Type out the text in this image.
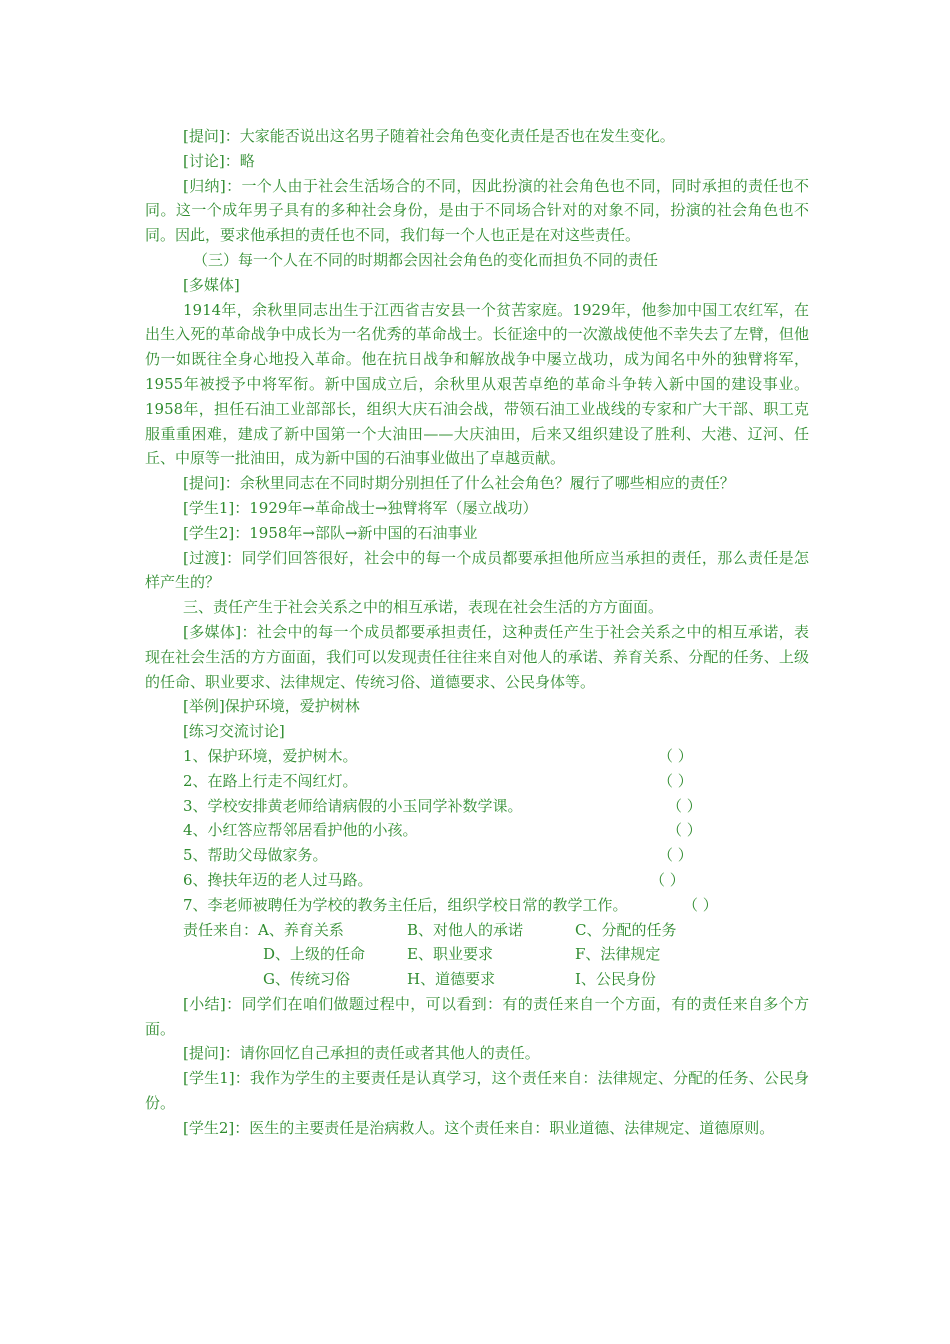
[提问]：大家能否说出这名男子随着社会角色变化责任是否也在发生变化。

[讨论]：略

[归纳]：一个人由于社会生活场合的不同，因此扮演的社会角色也不同，同时承担的责任也不同。这一个成年男子具有的多种社会身份，是由于不同场合针对的对象不同，扮演的社会角色也不同。因此，要求他承担的责任也不同，我们每一个人也正是在对这些责任。

（三）每一个人在不同的时期都会因社会角色的变化而担负不同的责任

[多媒体]

1914年，余秋里同志出生于江西省吉安县一个贫苦家庭。1929年，他参加中国工农红军，在出生入死的革命战争中成长为一名优秀的革命战士。长征途中的一次激战使他不幸失去了左臂，但他仍一如既往全身心地投入革命。他在抗日战争和解放战争中屡立战功，成为闻名中外的独臂将军，1955年被授予中将军衔。新中国成立后，余秋里从艰苦卓绝的革命斗争转入新中国的建设事业。1958年，担任石油工业部部长，组织大庆石油会战，带领石油工业战线的专家和广大干部、职工克服重重困难，建成了新中国第一个大油田——大庆油田，后来又组织建设了胜利、大港、辽河、任丘、中原等一批油田，成为新中国的石油事业做出了卓越贡献。

[提问]：余秋里同志在不同时期分别担任了什么社会角色？履行了哪些相应的责任？

[学生1]：1929年→革命战士→独臂将军（屡立战功）

[学生2]：1958年→部队→新中国的石油事业

[过渡]：同学们回答很好，社会中的每一个成员都要承担他所应当承担的责任，那么责任是怎样产生的？

三、责任产生于社会关系之中的相互承诺，表现在社会生活的方方面面。

[多媒体]：社会中的每一个成员都要承担责任，这种责任产生于社会关系之中的相互承诺，表现在社会生活的方方面面，我们可以发现责任往往来自对他人的承诺、养育关系、分配的任务、上级的任命、职业要求、法律规定、传统习俗、道德要求、公民身体等。

[举例]保护环境，爱护树林

[练习交流讨论]

1、保护环境，爱护树木。	（ ）
2、在路上行走不闯红灯。	（ ）
3、学校安排黄老师给请病假的小玉同学补数学课。	（ ）
4、小红答应帮邻居看护他的小孩。	（ ）
5、帮助父母做家务。	（ ）
6、搀扶年迈的老人过马路。	（ ）
7、李老师被聘任为学校的教务主任后，组织学校日常的教学工作。	（ ）
责任来自： A、养育关系	B、对他人的承诺	C、分配的任务
D、上级的任命	E、职业要求	F、法律规定
G、传统习俗	H、道德要求	I、公民身份

[小结]：同学们在咱们做题过程中，可以看到：有的责任来自一个方面，有的责任来自多个方面。

[提问]：请你回忆自己承担的责任或者其他人的责任。

[学生1]：我作为学生的主要责任是认真学习，这个责任来自：法律规定、分配的任务、公民身份。

[学生2]：医生的主要责任是治病救人。这个责任来自：职业道德、法律规定、道德原则。
